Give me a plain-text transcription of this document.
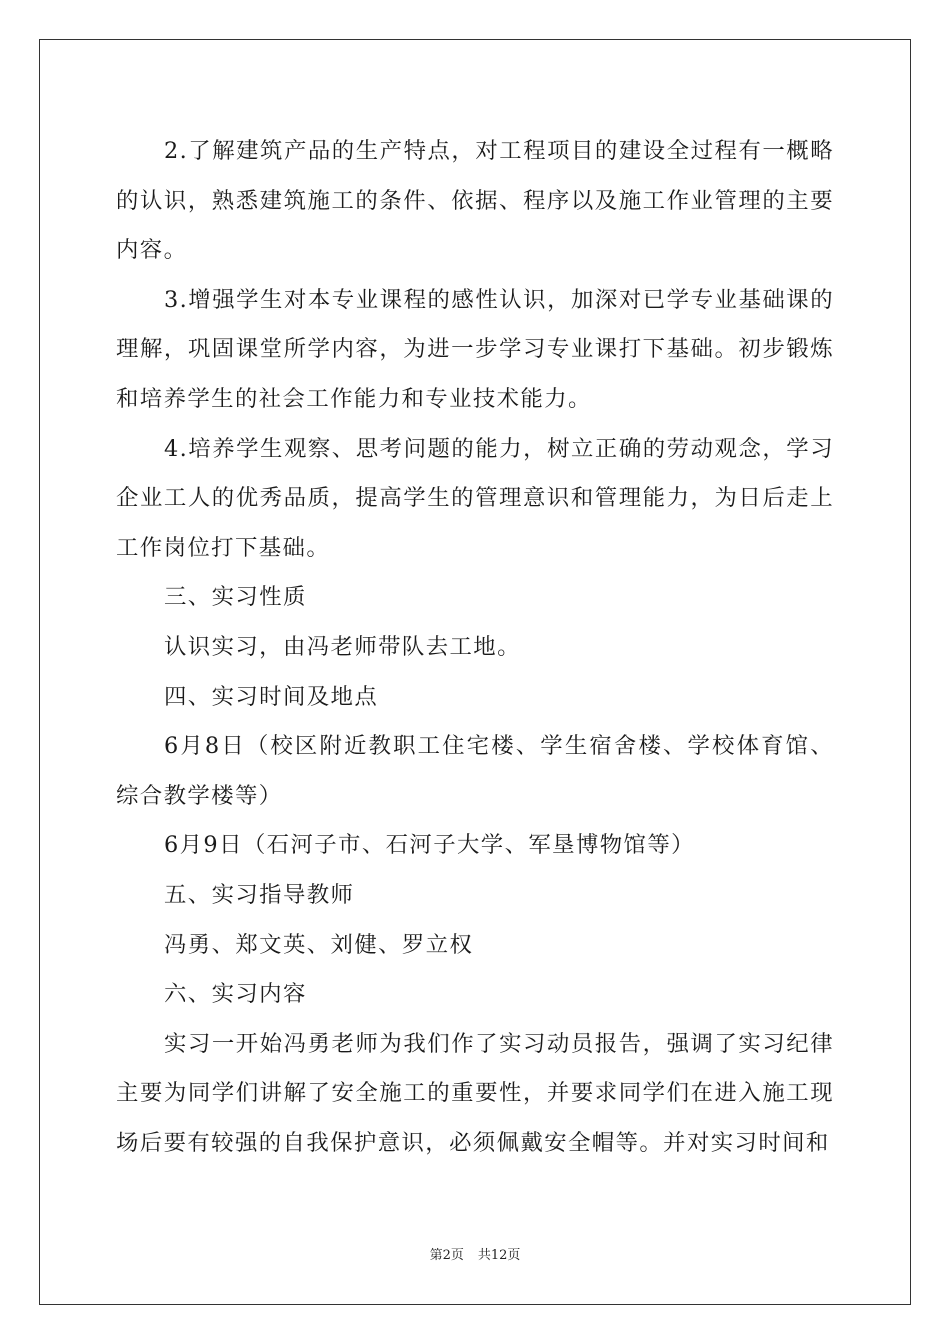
2.了解建筑产品的生产特点，对工程项目的建设全过程有一概略的认识，熟悉建筑施工的条件、依据、程序以及施工作业管理的主要内容。

3.增强学生对本专业课程的感性认识，加深对已学专业基础课的理解，巩固课堂所学内容，为进一步学习专业课打下基础。初步锻炼和培养学生的社会工作能力和专业技术能力。

4.培养学生观察、思考问题的能力，树立正确的劳动观念，学习企业工人的优秀品质，提高学生的管理意识和管理能力，为日后走上工作岗位打下基础。

三、实习性质

认识实习，由冯老师带队去工地。

四、实习时间及地点

6月8日（校区附近教职工住宅楼、学生宿舍楼、学校体育馆、综合教学楼等）

6月9日（石河子市、石河子大学、军垦博物馆等）

五、实习指导教师

冯勇、郑文英、刘健、罗立权

六、实习内容

实习一开始冯勇老师为我们作了实习动员报告，强调了实习纪律主要为同学们讲解了安全施工的重要性，并要求同学们在进入施工现场后要有较强的自我保护意识，必须佩戴安全帽等。并对实习时间和

第2页 共12页
